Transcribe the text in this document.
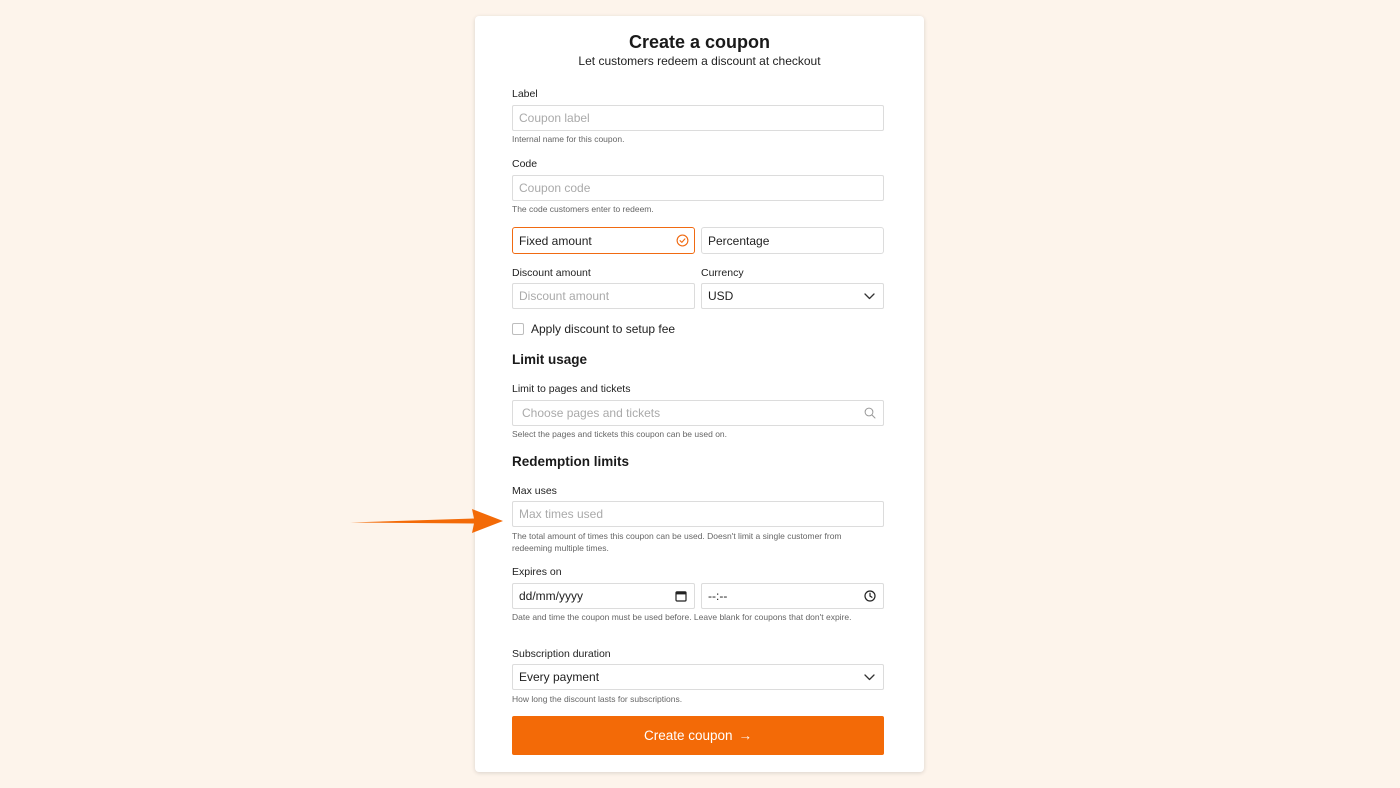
Create a coupon
Let customers redeem a discount at checkout
Label
Coupon label
Internal name for this coupon.
Code
Coupon code
The code customers enter to redeem.
Fixed amount	Percentage
Discount amount
Discount amount
Currency
USD
Apply discount to setup fee
Limit usage
Limit to pages and tickets
Choose pages and tickets
Select the pages and tickets this coupon can be used on.
Redemption limits
Max uses
Max times used
The total amount of times this coupon can be used. Doesn't limit a single customer from redeeming multiple times.
Expires on
dd/mm/yyyy	--:--
Date and time the coupon must be used before. Leave blank for coupons that don't expire.
Subscription duration
Every payment
How long the discount lasts for subscriptions.
Create coupon →
